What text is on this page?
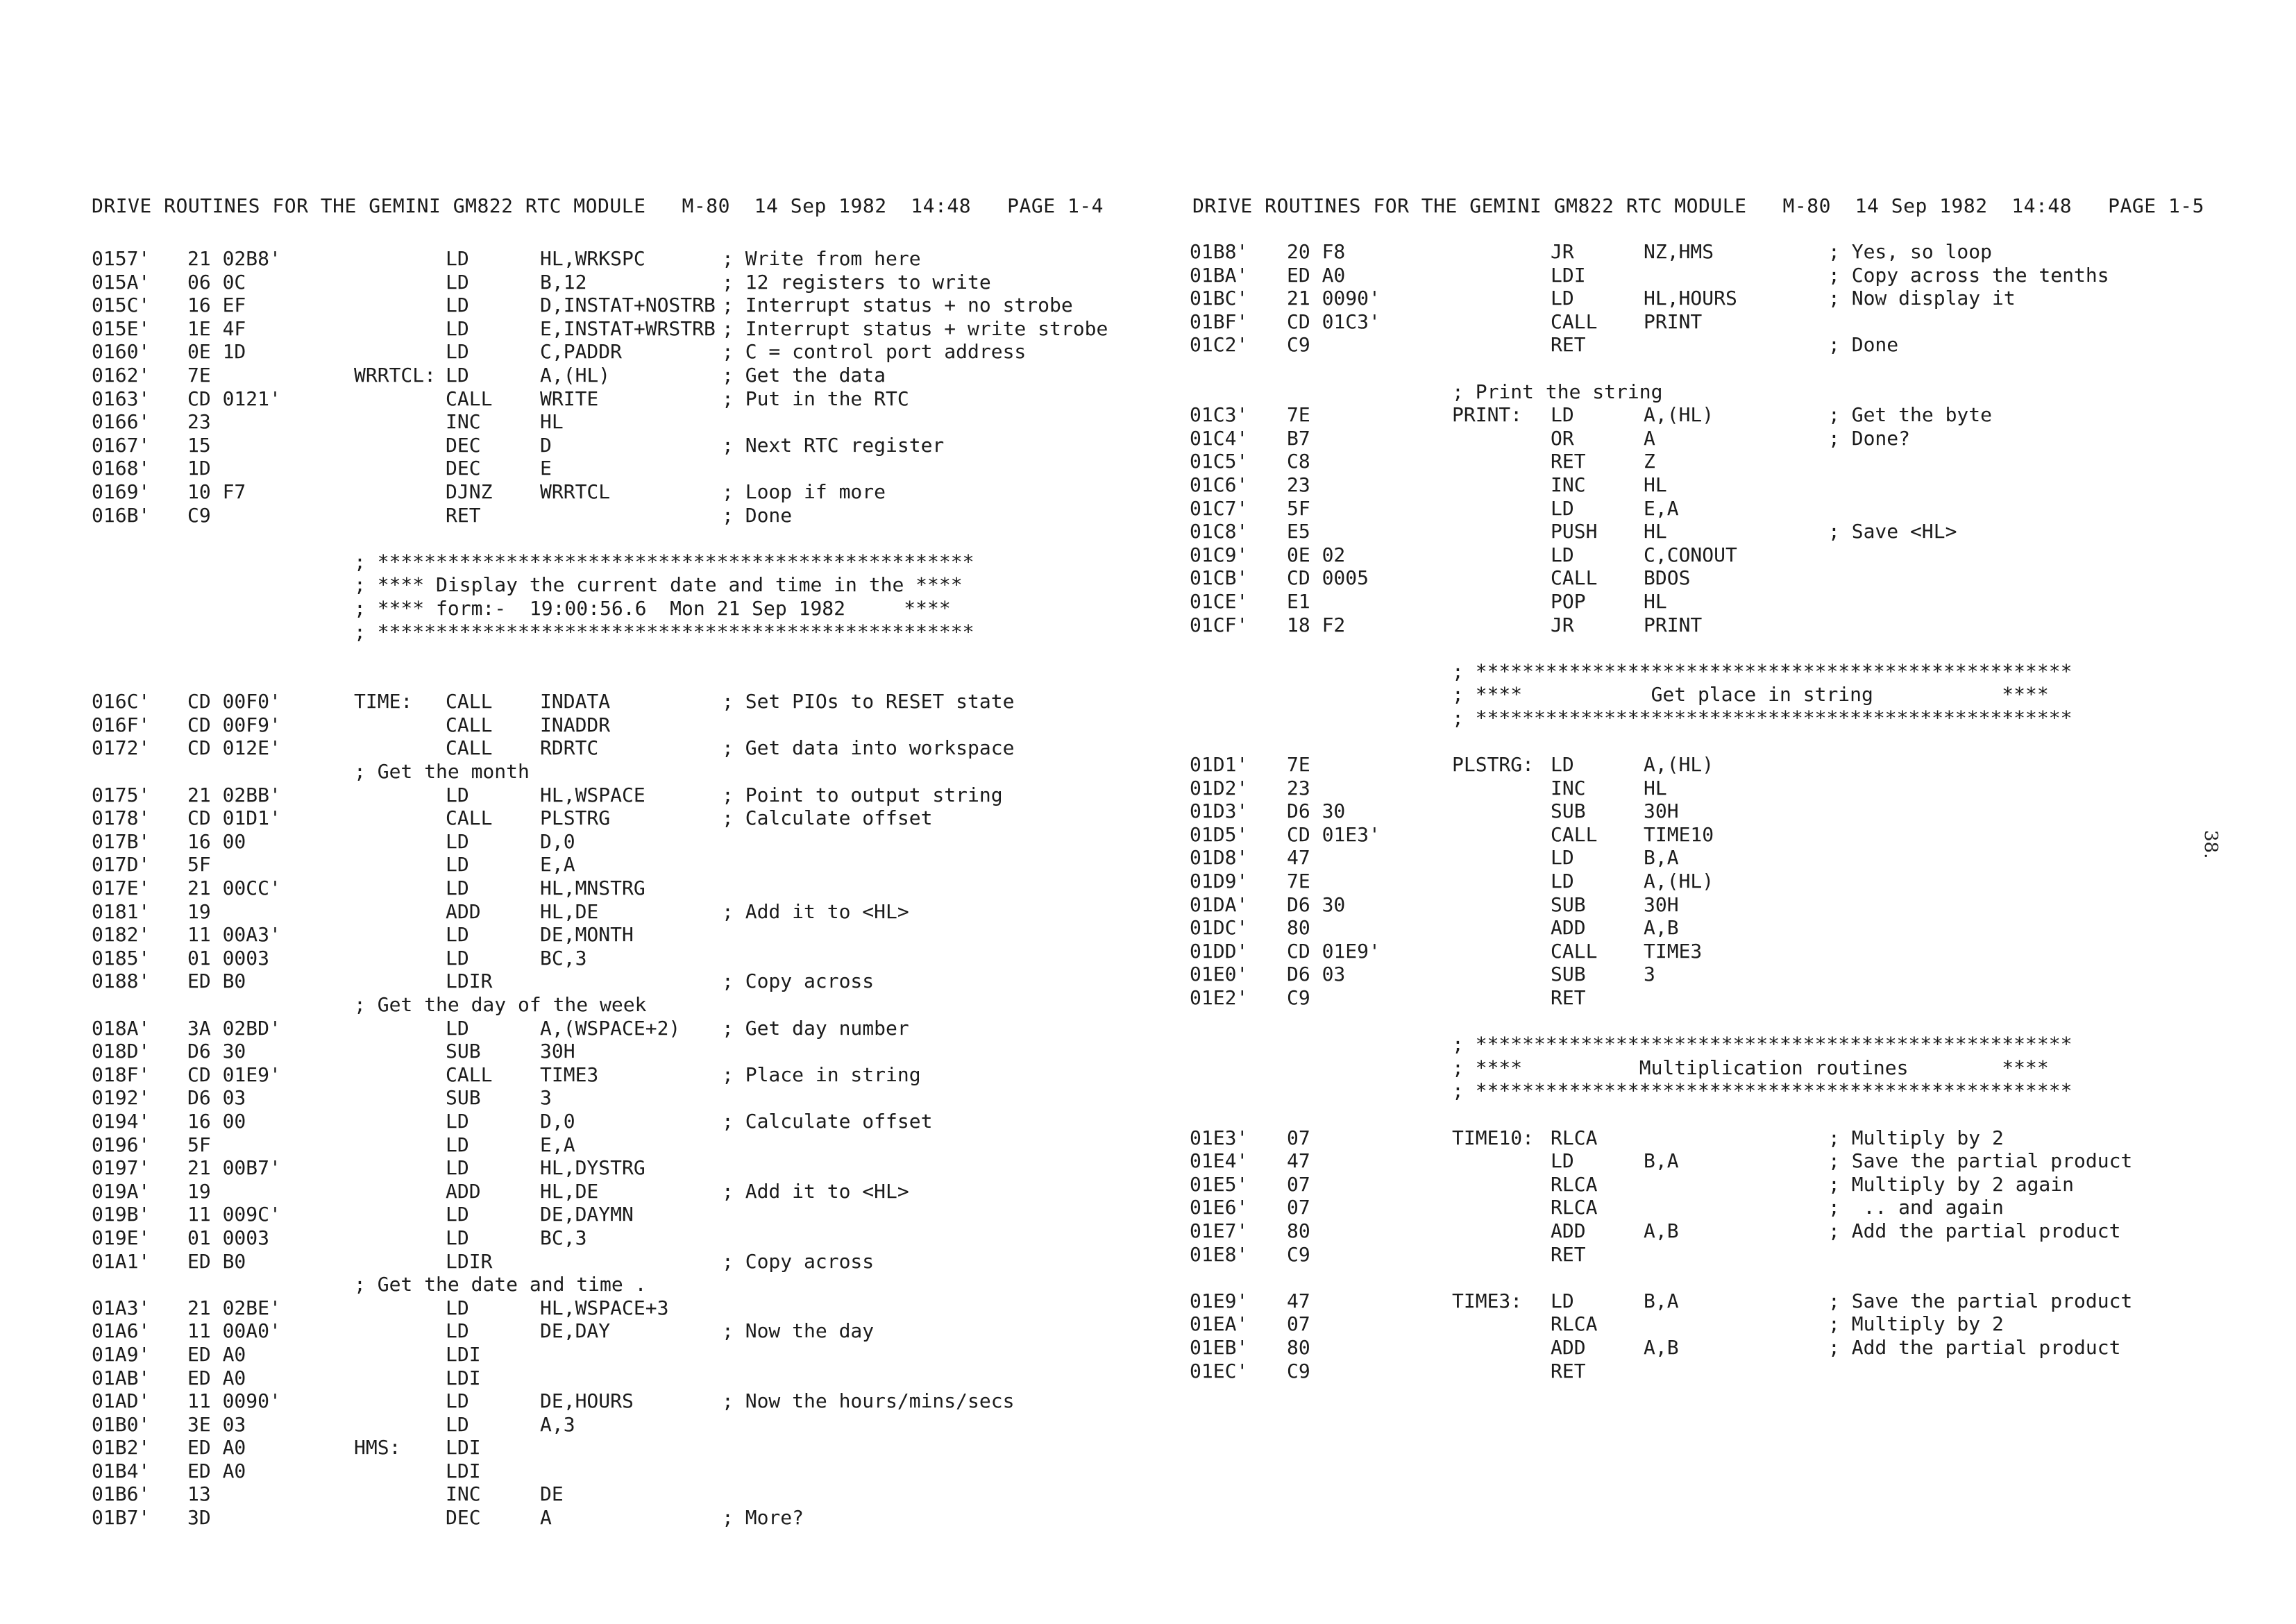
DRIVE ROUTINES FOR THE GEMINI GM822 RTC MODULE   M-80  14 Sep 1982  14:48   PAGE 1-4	DRIVE ROUTINES FOR THE GEMINI GM822 RTC MODULE   M-80  14 Sep 1982  14:48   PAGE 1-5
0157' 21 02B8'	LD	HL,WRKSPC	; Write from here
015A' 06 0C	LD	B,12	; 12 registers to write
015C' 16 EF	LD	D,INSTAT+NOSTRB ; Interrupt status + no strobe
015E' 1E 4F	LD	E,INSTAT+WRSTRB ; Interrupt status + write strobe
0160' 0E 1D	LD	C,PADDR	; C = control port address
0162' 7E	WRRTCL: LD	A,(HL)	; Get the data
0163' CD 0121'	CALL WRITE	; Put in the RTC
0166' 23	INC	HL
0167' 15	DEC	D	; Next RTC register
0168' 1D	DEC	E
0169' 10 F7	DJNZ WRRTCL	; Loop if more
016B' C9	RET	; Done
; ***************************************************
; **** Display the current date and time in the ****
; **** form:-  19:00:56.6  Mon 21 Sep 1982     ****
; ***************************************************
016C' CD 00F0'	TIME: CALL INDATA	; Set PIOs to RESET state
016F' CD 00F9'	CALL INADDR
0172' CD 012E'	CALL RDRTC	; Get data into workspace
; Get the month
0175' 21 02BB'	LD	HL,WSPACE	; Point to output string
0178' CD 01D1'	CALL PLSTRG	; Calculate offset
017B' 16 00	LD	D,0
017D' 5F	LD	E,A
017E' 21 00CC'	LD	HL,MNSTRG
0181' 19	ADD	HL,DE	; Add it to <HL>
0182' 11 00A3'	LD	DE,MONTH
0185' 01 0003	LD	BC,3
0188' ED B0	LDIR	; Copy across
; Get the day of the week
018A' 3A 02BD'	LD	A,(WSPACE+2) ; Get day number
018D' D6 30	SUB	30H
018F' CD 01E9'	CALL TIME3	; Place in string
0192' D6 03	SUB	3
0194' 16 00	LD	D,0	; Calculate offset
0196' 5F	LD	E,A
0197' 21 00B7'	LD	HL,DYSTRG
019A' 19	ADD	HL,DE	; Add it to <HL>
019B' 11 009C'	LD	DE,DAYMN
019E' 01 0003	LD	BC,3
01A1' ED B0	LDIR	; Copy across
; Get the date and time .
01A3' 21 02BE'	LD	HL,WSPACE+3
01A6' 11 00A0'	LD	DE,DAY	; Now the day
01A9' ED A0	LDI
01AB' ED A0	LDI
01AD' 11 0090'	LD	DE,HOURS	; Now the hours/mins/secs
01B0' 3E 03	LD	A,3
01B2' ED A0	HMS: LDI
01B4' ED A0	LDI
01B6' 13	INC	DE
01B7' 3D	DEC	A	; More?
01B8' 20 F8	JR	NZ,HMS	; Yes, so loop
01BA' ED A0	LDI	; Copy across the tenths
01BC' 21 0090'	LD	HL,HOURS	; Now display it
01BF' CD 01C3'	CALL PRINT
01C2' C9	RET	; Done
; Print the string
01C3' 7E	PRINT: LD	A,(HL)	; Get the byte
01C4' B7	OR	A	; Done?
01C5' C8	RET	Z
01C6' 23	INC	HL
01C7' 5F	LD	E,A
01C8' E5	PUSH HL	; Save <HL>
01C9' 0E 02	LD	C,CONOUT
01CB' CD 0005	CALL BDOS
01CE' E1	POP	HL
01CF' 18 F2	JR	PRINT
; ***************************************************
; ****           Get place in string           ****
; ***************************************************
01D1' 7E	PLSTRG: LD	A,(HL)
01D2' 23	INC	HL
01D3' D6 30	SUB	30H
01D5' CD 01E3'	CALL TIME10
01D8' 47	LD	B,A
01D9' 7E	LD	A,(HL)
01DA' D6 30	SUB	30H
01DC' 80	ADD	A,B
01DD' CD 01E9'	CALL TIME3
01E0' D6 03	SUB	3
01E2' C9	RET
; ***************************************************
; ****          Multiplication routines        ****
; ***************************************************
01E3' 07	TIME10: RLCA	; Multiply by 2
01E4' 47	LD	B,A	; Save the partial product
01E5' 07	RLCA	; Multiply by 2 again
01E6' 07	RLCA	;  .. and again
01E7' 80	ADD	A,B	; Add the partial product
01E8' C9	RET
01E9' 47	TIME3: LD	B,A	; Save the partial product
01EA' 07	RLCA	; Multiply by 2
01EB' 80	ADD	A,B	; Add the partial product
01EC' C9	RET
38.
